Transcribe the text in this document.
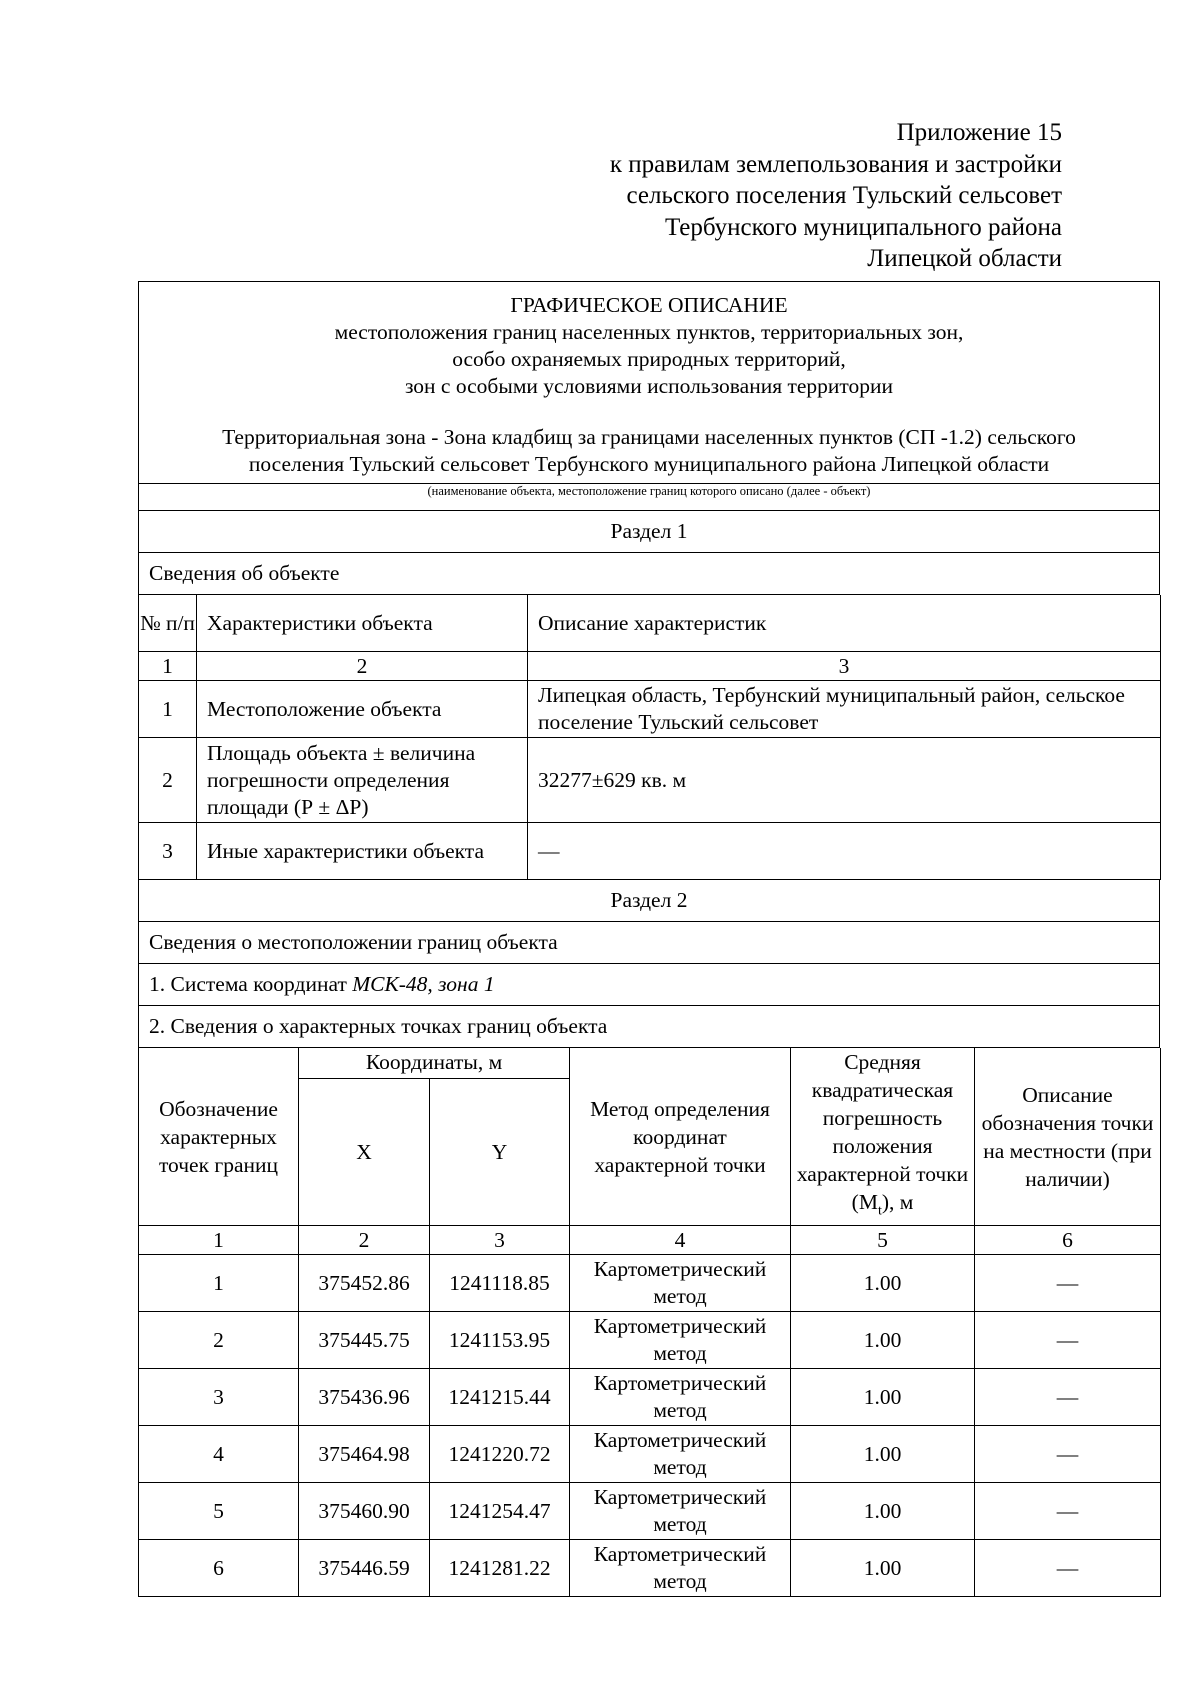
Приложение 15
к правилам землепользования и застройки
сельского поселения Тульский сельсовет
Тербунского муниципального района
Липецкой области
ГРАФИЧЕСКОЕ ОПИСАНИЕ
местоположения границ населенных пунктов, территориальных зон,
особо охраняемых природных территорий,
зон с особыми условиями использования территории
Территориальная зона - Зона кладбищ за границами населенных пунктов (СП -1.2) сельского
поселения Тульский сельсовет Тербунского муниципального района Липецкой области

(наименование объекта, местоположение границ которого описано (далее - объект)
Раздел 1
Сведения об объекте
№ п/п	Характеристики объекта	Описание характеристик
1	2	3
1	Местоположение объекта	Липецкая область, Тербунский муниципальный район, сельское поселение Тульский сельсовет
2	Площадь объекта ± величина погрешности определения площади (Р ± ΔР)	32277±629 кв. м
3	Иные характеристики объекта	—
Раздел 2
Сведения о местоположении границ объекта
1. Система координат МСК-48, зона 1
2. Сведения о характерных точках границ объекта
Обозначение характерных точек границ	Координаты, м		Метод определения координат характерной точки	Средняя квадратическая погрешность положения характерной точки $(M_t)$, м	Описание обозначения точки на местности (при наличии)
	X	Y			
1	2	3	4	5	6
1	375452.86	1241118.85	Картометрический метод	1.00	—
2	375445.75	1241153.95	Картометрический метод	1.00	—
3	375436.96	1241215.44	Картометрический метод	1.00	—
4	375464.98	1241220.72	Картометрический метод	1.00	—
5	375460.90	1241254.47	Картометрический метод	1.00	—
6	375446.59	1241281.22	Картометрический метод	1.00	—
